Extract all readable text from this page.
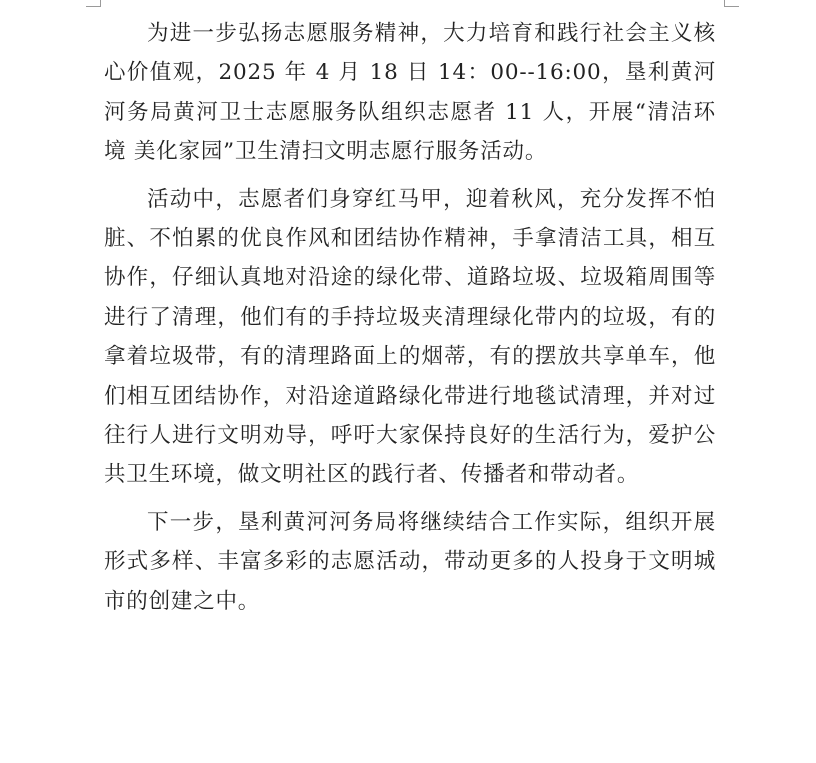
为进一步弘扬志愿服务精神，大力培育和践行社会主义核心价值观，2025 年 4 月 18 日 14：00--16:00，垦利黄河河务局黄河卫士志愿服务队组织志愿者 11 人，开展“清洁环境 美化家园”卫生清扫文明志愿行服务活动。

活动中，志愿者们身穿红马甲，迎着秋风，充分发挥不怕脏、不怕累的优良作风和团结协作精神，手拿清洁工具，相互协作，仔细认真地对沿途的绿化带、道路垃圾、垃圾箱周围等进行了清理，他们有的手持垃圾夹清理绿化带内的垃圾，有的拿着垃圾带，有的清理路面上的烟蒂，有的摆放共享单车，他们相互团结协作，对沿途道路绿化带进行地毯试清理，并对过往行人进行文明劝导，呼吁大家保持良好的生活行为，爱护公共卫生环境，做文明社区的践行者、传播者和带动者。

下一步，垦利黄河河务局将继续结合工作实际，组织开展形式多样、丰富多彩的志愿活动，带动更多的人投身于文明城市的创建之中。
